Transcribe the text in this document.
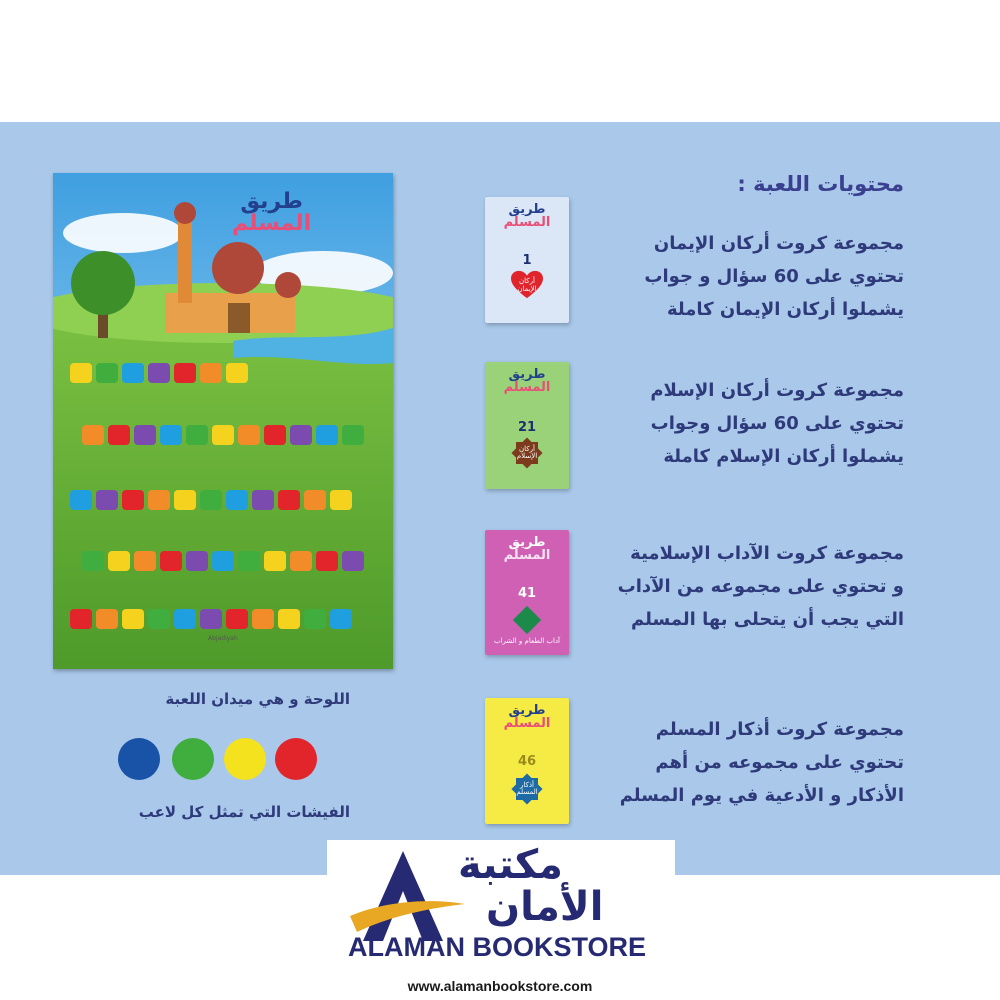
محتويات اللعبة :
مجموعة كروت أركان الإيمان
تحتوي على 60 سؤال و جواب
يشملوا أركان الإيمان كاملة
مجموعة كروت أركان الإسلام
تحتوي على 60 سؤال وجواب
يشملوا أركان الإسلام كاملة
مجموعة كروت الآداب الإسلامية
و تحتوي على مجموعه من الآداب
التي يجب أن يتحلى بها المسلم
مجموعة كروت أذكار المسلم
تحتوي على مجموعه من أهم
الأذكار و الأدعية في يوم المسلم
طريق
المسلم
1
أركان الإيمان
طريق
المسلم
21
أركان الإسلام
طريق
المسلم
41
آداب الطعام و الشراب
طريق
المسلم
46
أذكار المسلم
Abjadiyah
طريق
المسلم
اللوحة و هي ميدان اللعبة
الفيشات التي تمثل كل لاعب
مكتبة
الأمان
ALAMAN BOOKSTORE
www.alamanbookstore.com
